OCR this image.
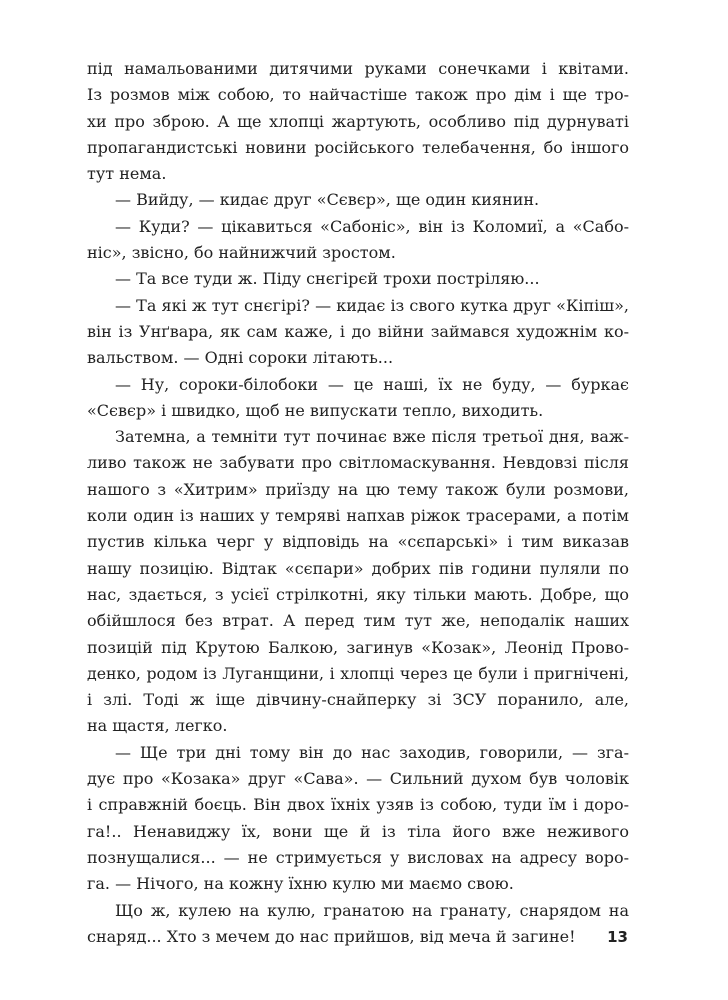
під намальованими дитячими руками сонечками і квітами.
Із розмов між собою, то найчастіше також про дім і ще тро-
хи про зброю. А ще хлопці жартують, особливо під дурнуваті
пропагандистські новини російського телебачення, бо іншого
тут нема.
— Вийду, — кидає друг «Сєвєр», ще один киянин.
— Куди? — цікавиться «Сабоніс», він із Коломиї, а «Сабо-
ніс», звісно, бо найнижчий зростом.
— Та все туди ж. Піду снєгірєй трохи постріляю...
— Та які ж тут снєгірі? — кидає із свого кутка друг «Кіпіш»,
він із Унґвара, як сам каже, і до війни займався художнім ко-
вальством. — Одні сороки літають...
— Ну, сороки-білобоки — це наші, їх не буду, — буркає
«Сєвєр» і швидко, щоб не випускати тепло, виходить.
Затемна, а темніти тут починає вже після третьої дня, важ-
ливо також не забувати про світломаскування. Невдовзі після
нашого з «Хитрим» приїзду на цю тему також були розмови,
коли один із наших у темряві напхав ріжок трасерами, а потім
пустив кілька черг у відповідь на «сєпарські» і тим виказав
нашу позицію. Відтак «сєпари» добрих пів години пуляли по
нас, здається, з усієї стрілкотні, яку тільки мають. Добре, що
обійшлося без втрат. А перед тим тут же, неподалік наших
позицій під Крутою Балкою, загинув «Козак», Леонід Прово-
денко, родом із Луганщини, і хлопці через це були і пригнічені,
і злі. Тоді ж іще дівчину-снайперку зі ЗСУ поранило, але,
на щастя, легко.
— Ще три дні тому він до нас заходив, говорили, — зга-
дує про «Козака» друг «Сава». — Сильний духом був чоловік
і справжній боєць. Він двох їхніх узяв із собою, туди їм і доро-
га!.. Ненавиджу їх, вони ще й із тіла його вже неживого
познущалися... — не стримується у висловах на адресу воро-
га. — Нічого, на кожну їхню кулю ми маємо свою.
Що ж, кулею на кулю, гранатою на гранату, снарядом на
снаряд... Хто з мечем до нас прийшов, від меча й загине!	13
